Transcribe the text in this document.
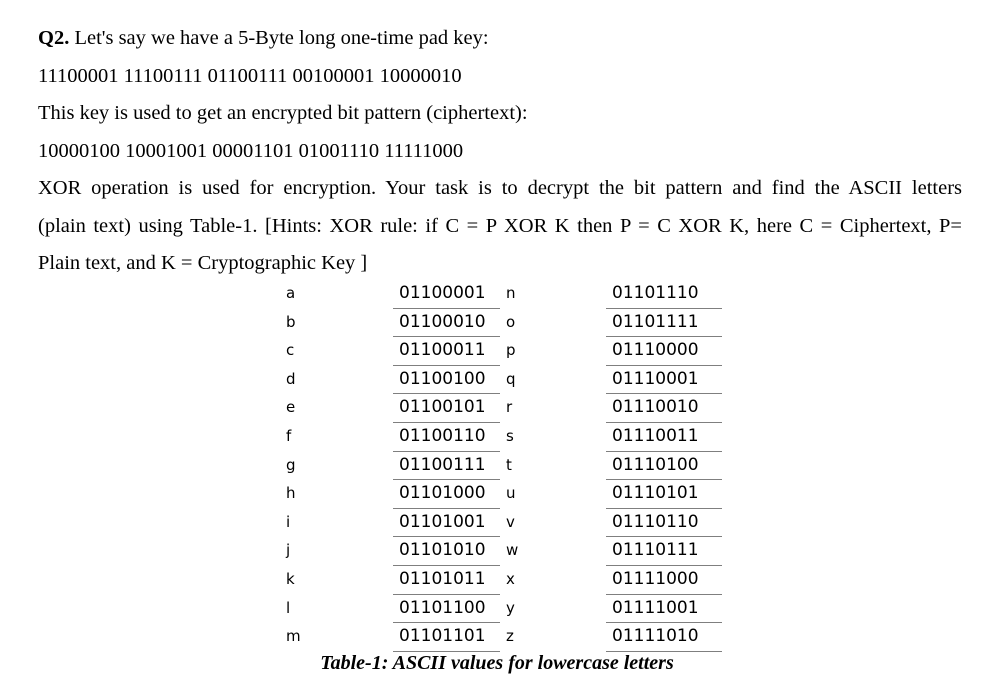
Q2. Let's say we have a 5-Byte long one-time pad key:
11100001 11100111 01100111 00100001 10000010
This key is used to get an encrypted bit pattern (ciphertext):
10000100 10001001 00001101 01001110 11111000
XOR operation is used for encryption. Your task is to decrypt the bit pattern and find the ASCII letters
(plain text) using Table-1. [Hints: XOR rule: if C = P XOR K then P = C XOR K, here C = Ciphertext, P=
Plain text, and K = Cryptographic Key ]
a	01100001	n	01101110
b	01100010	o	01101111
c	01100011	p	01110000
d	01100100	q	01110001
e	01100101	r	01110010
f	01100110	s	01110011
g	01100111	t	01110100
h	01101000	u	01110101
i	01101001	v	01110110
j	01101010	w	01110111
k	01101011	x	01111000
l	01101100	y	01111001
m	01101101	z	01111010
Table-1: ASCII values for lowercase letters
